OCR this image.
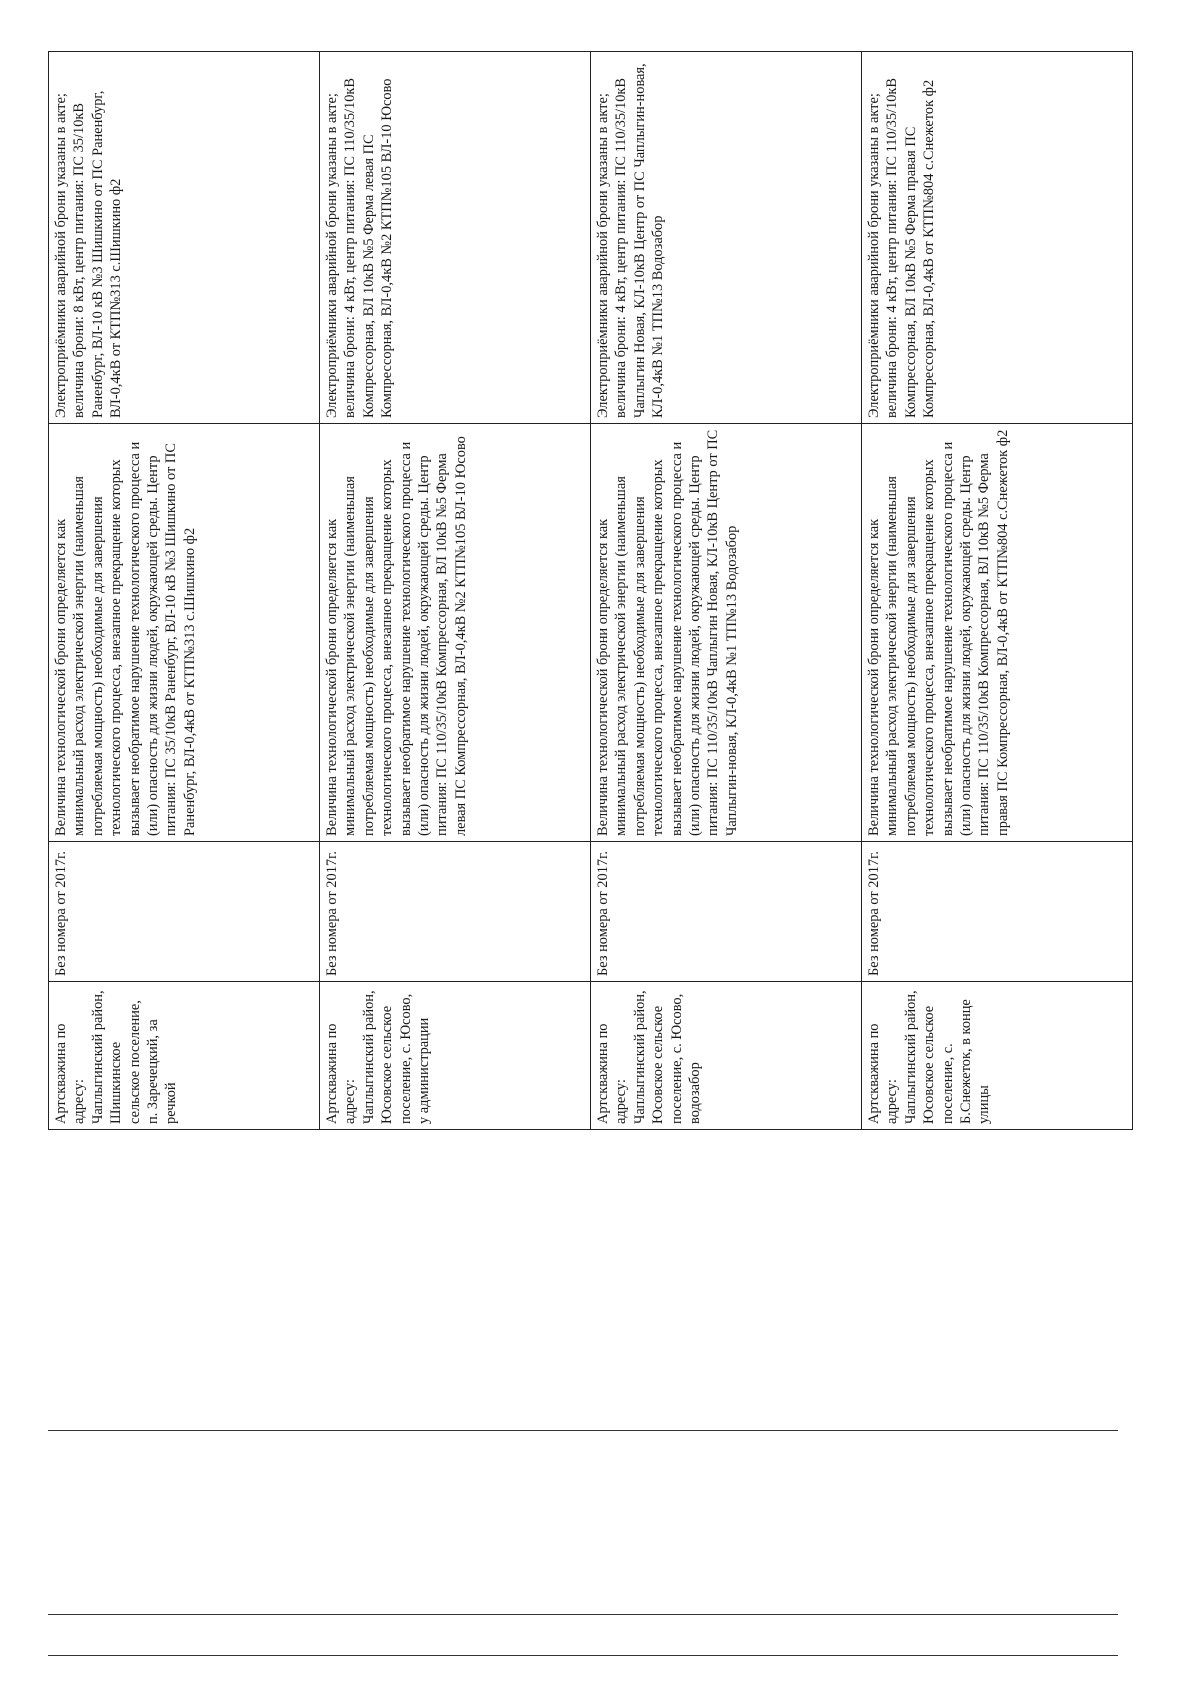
Артскважина по адресу: Чаплыгинский район, Шишкинское сельское поселение, п. Заречецкий, за речкой	Без номера от 2017г.	Величина технологической брони определяется как минимальный расход электрической энергии (наименьшая потребляемая мощность) необходимые для завершения технологического процесса, внезапное прекращение которых вызывает необратимое нарушение технологического процесса и (или) опасность для жизни людей, окружающей среды. Центр питания: ПС 35/10кВ Раненбург, ВЛ-10 кВ №3 Шишкино от ПС Раненбург, ВЛ-0,4кВ от КТП№313 с.Шишкино ф2	Электроприёмники аварийной брони указаны в акте; величина брони: 8 кВт, центр питания: ПС 35/10кВ Раненбург, ВЛ-10 кВ №3 Шишкино от ПС Раненбург, ВЛ-0,4кВ от КТП№313 с.Шишкино ф2
Артскважина по адресу: Чаплыгинский район, Юсовское сельское поселение, с. Юсово, у администрации	Без номера от 2017г.	Величина технологической брони определяется как минимальный расход электрической энергии (наименьшая потребляемая мощность) необходимые для завершения технологического процесса, внезапное прекращение которых вызывает необратимое нарушение технологического процесса и (или) опасность для жизни людей, окружающей среды. Центр питания: ПС 110/35/10кВ Компрессорная, ВЛ 10кВ №5 Ферма левая ПС Компрессорная, ВЛ-0,4кВ №2 КТП№105 ВЛ-10 Юсово	Электроприёмники аварийной брони указаны в акте; величина брони: 4 кВт, центр питания: ПС 110/35/10кВ Компрессорная, ВЛ 10кВ №5 Ферма левая ПС Компрессорная, ВЛ-0,4кВ №2 КТП№105 ВЛ-10 Юсово
Артскважина по адресу: Чаплыгинский район, Юсовское сельское поселение, с. Юсово, водозабор	Без номера от 2017г.	Величина технологической брони определяется как минимальный расход электрической энергии (наименьшая потребляемая мощность) необходимые для завершения технологического процесса, внезапное прекращение которых вызывает необратимое нарушение технологического процесса и (или) опасность для жизни людей, окружающей среды. Центр питания: ПС 110/35/10кВ Чаплыгин Новая, КЛ-10кВ Центр от ПС Чаплыгин-новая, КЛ-0,4кВ №1 ТП№13 Водозабор	Электроприёмники аварийной брони указаны в акте; величина брони: 4 кВт, центр питания: ПС 110/35/10кВ Чаплыгин Новая, КЛ-10кВ Центр от ПС Чаплыгин-новая, КЛ-0,4кВ №1 ТП№13 Водозабор
Артскважина по адресу: Чаплыгинский район, Юсовское сельское поселение, с. Б.Снежеток, в конце улицы	Без номера от 2017г.	Величина технологической брони определяется как минимальный расход электрической энергии (наименьшая потребляемая мощность) необходимые для завершения технологического процесса, внезапное прекращение которых вызывает необратимое нарушение технологического процесса и (или) опасность для жизни людей, окружающей среды. Центр питания: ПС 110/35/10кВ Компрессорная, ВЛ 10кВ №5 Ферма правая ПС Компрессорная, ВЛ-0,4кВ от КТП№804 с.Снежеток ф2	Электроприёмники аварийной брони указаны в акте; величина брони: 4 кВт, центр питания: ПС 110/35/10кВ Компрессорная, ВЛ 10кВ №5 Ферма правая ПС Компрессорная, ВЛ-0,4кВ от КТП№804 с.Снежеток ф2
